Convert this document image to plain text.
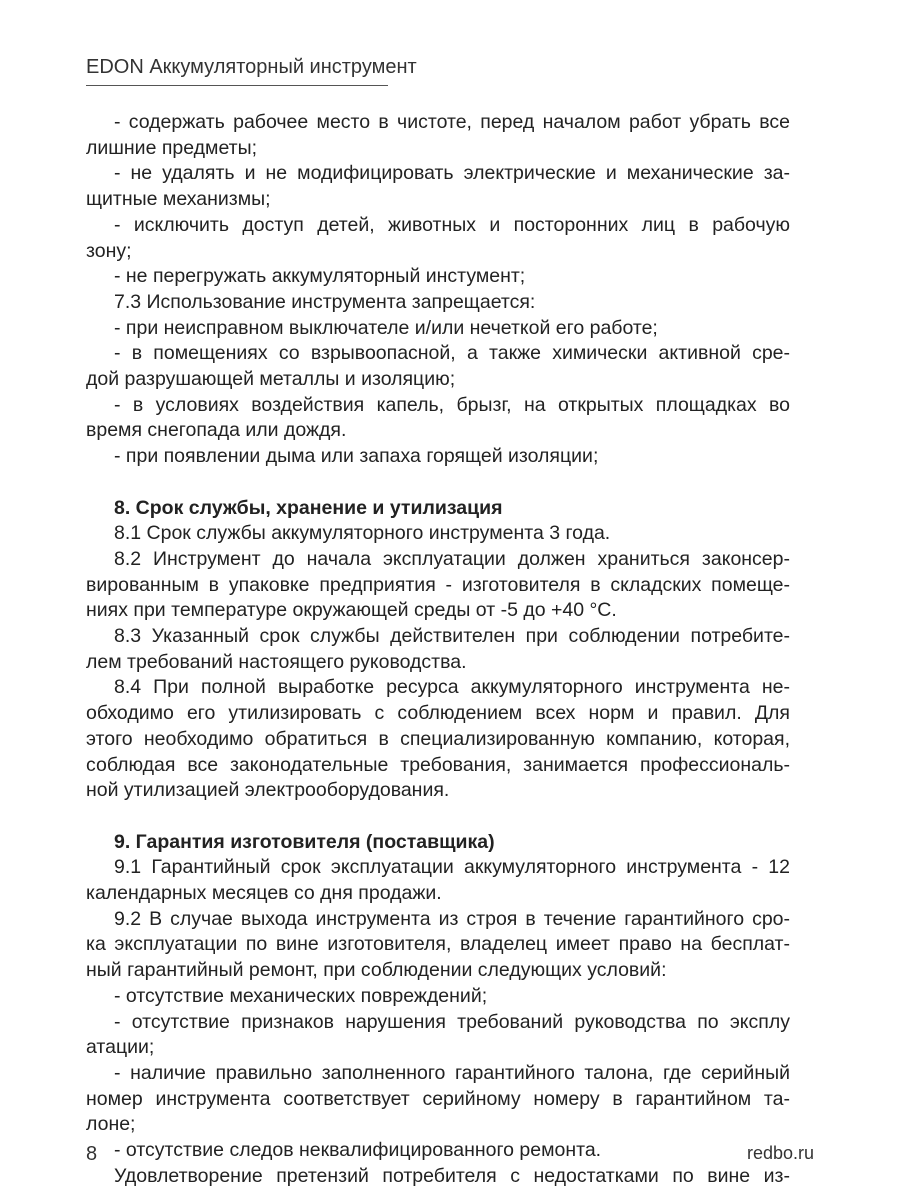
EDON Аккумуляторный инструмент
- содержать рабочее место в чистоте, перед началом работ убрать все
лишние предметы;
- не удалять и не модифицировать электрические и механические за-
щитные механизмы;
- исключить доступ детей, животных и посторонних лиц в рабочую
зону;
- не перегружать аккумуляторный инстумент;
7.3 Использование инструмента запрещается:
- при неисправном выключателе и/или нечеткой его работе;
- в помещениях со взрывоопасной, а также химически активной сре-
дой разрушающей металлы и изоляцию;
- в условиях воздействия капель, брызг, на открытых площадках во
время снегопада или дождя.
- при появлении дыма или запаха горящей изоляции;
8. Срок службы, хранение и утилизация
8.1 Срок службы аккумуляторного инструмента 3 года.
8.2 Инструмент до начала эксплуатации должен храниться законсер-
вированным в упаковке предприятия - изготовителя в складских помеще-
ниях при температуре окружающей среды от -5 до +40 °С.
8.3 Указанный срок службы действителен при соблюдении потребите-
лем требований настоящего руководства.
8.4 При полной выработке ресурса аккумуляторного инструмента не-
обходимо его утилизировать с соблюдением всех норм и правил. Для
этого необходимо обратиться в специализированную компанию, которая,
соблюдая все законодательные требования, занимается профессиональ-
ной утилизацией электрооборудования.
9. Гарантия изготовителя (поставщика)
9.1 Гарантийный срок эксплуатации аккумуляторного инструмента - 12
календарных месяцев со дня продажи.
9.2 В случае выхода инструмента из строя в течение гарантийного сро-
ка эксплуатации по вине изготовителя, владелец имеет право на бесплат-
ный гарантийный ремонт, при соблюдении следующих условий:
- отсутствие механических повреждений;
- отсутствие признаков нарушения требований руководства по эксплу
атации;
- наличие правильно заполненного гарантийного талона, где серийный
номер инструмента соответствует серийному номеру в гарантийном та-
лоне;
- отсутствие следов неквалифицированного ремонта.
Удовлетворение претензий потребителя с недостатками по вине из-
8	redbo.ru
